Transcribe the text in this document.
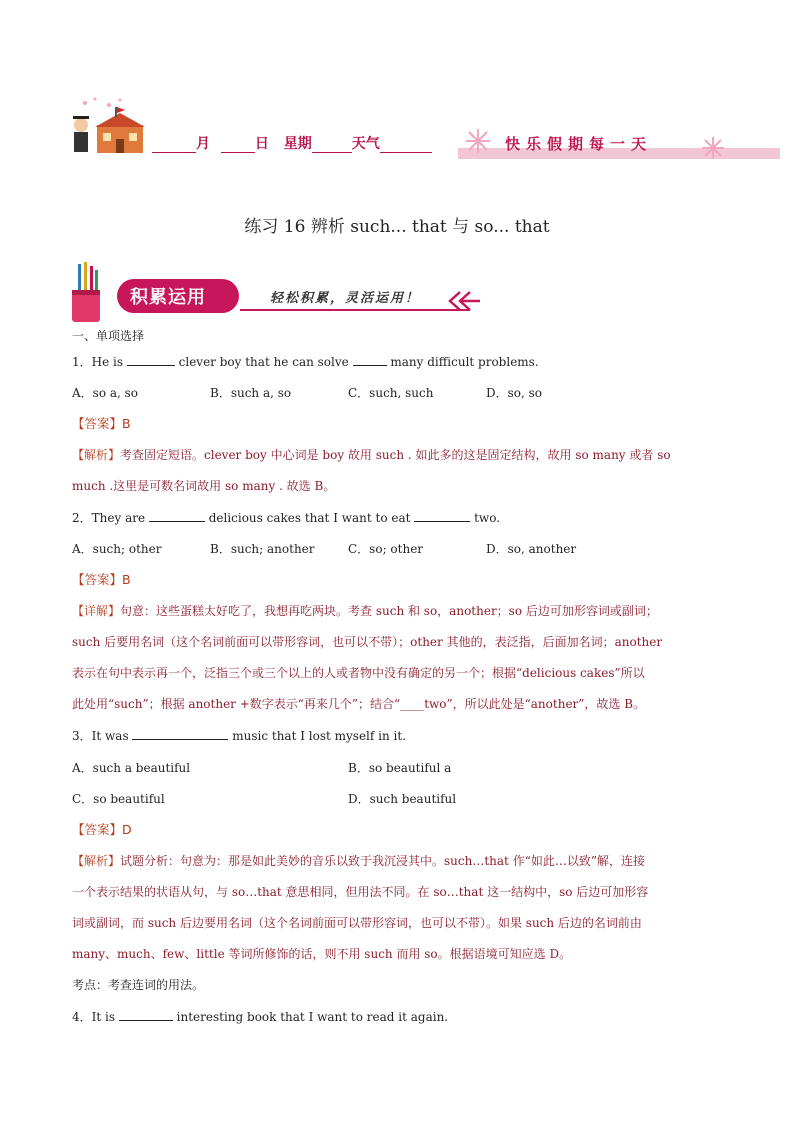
月	日 星期	天气	快乐假期每一天
练习 16 辨析 such... that 与 so... that
积累运用	轻松积累，灵活运用！
一、单项选择
1．He is	clever boy that he can solve	many difficult problems.
A．so a, so	B．such a, so	C．such, such	D．so, so
【答案】B
【解析】考查固定短语。clever boy 中心词是 boy 故用 such . 如此多的这是固定结构，故用 so many 或者 so
much .这里是可数名词故用 so many . 故选 B。
2．They are	delicious cakes that I want to eat	two.
A．such; other	B．such; another	C．so; other	D．so, another
【答案】B
【详解】句意：这些蛋糕太好吃了，我想再吃两块。考查 such 和 so，another；so 后边可加形容词或副词；
such 后要用名词（这个名词前面可以带形容词，也可以不带）；other 其他的，表泛指，后面加名词；another
表示在句中表示再一个，泛指三个或三个以上的人或者物中没有确定的另一个；根据“delicious cakes”所以
此处用“such”；根据 another +数字表示“再来几个”；结合“____two”，所以此处是“another”，故选 B。
3．It was	music that I lost myself in it.
A．such a beautiful	B．so beautiful a
C．so beautiful	D．such beautiful
【答案】D
【解析】试题分析：句意为：那是如此美妙的音乐以致于我沉浸其中。such…that 作“如此…以致”解，连接
一个表示结果的状语从句，与 so…that 意思相同，但用法不同。在 so…that 这一结构中，so 后边可加形容
词或副词，而 such 后边要用名词（这个名词前面可以带形容词，也可以不带）。如果 such 后边的名词前由
many、much、few、little 等词所修饰的话，则不用 such 而用 so。根据语境可知应选 D。
考点：考查连词的用法。
4．It is	interesting book that I want to read it again.
